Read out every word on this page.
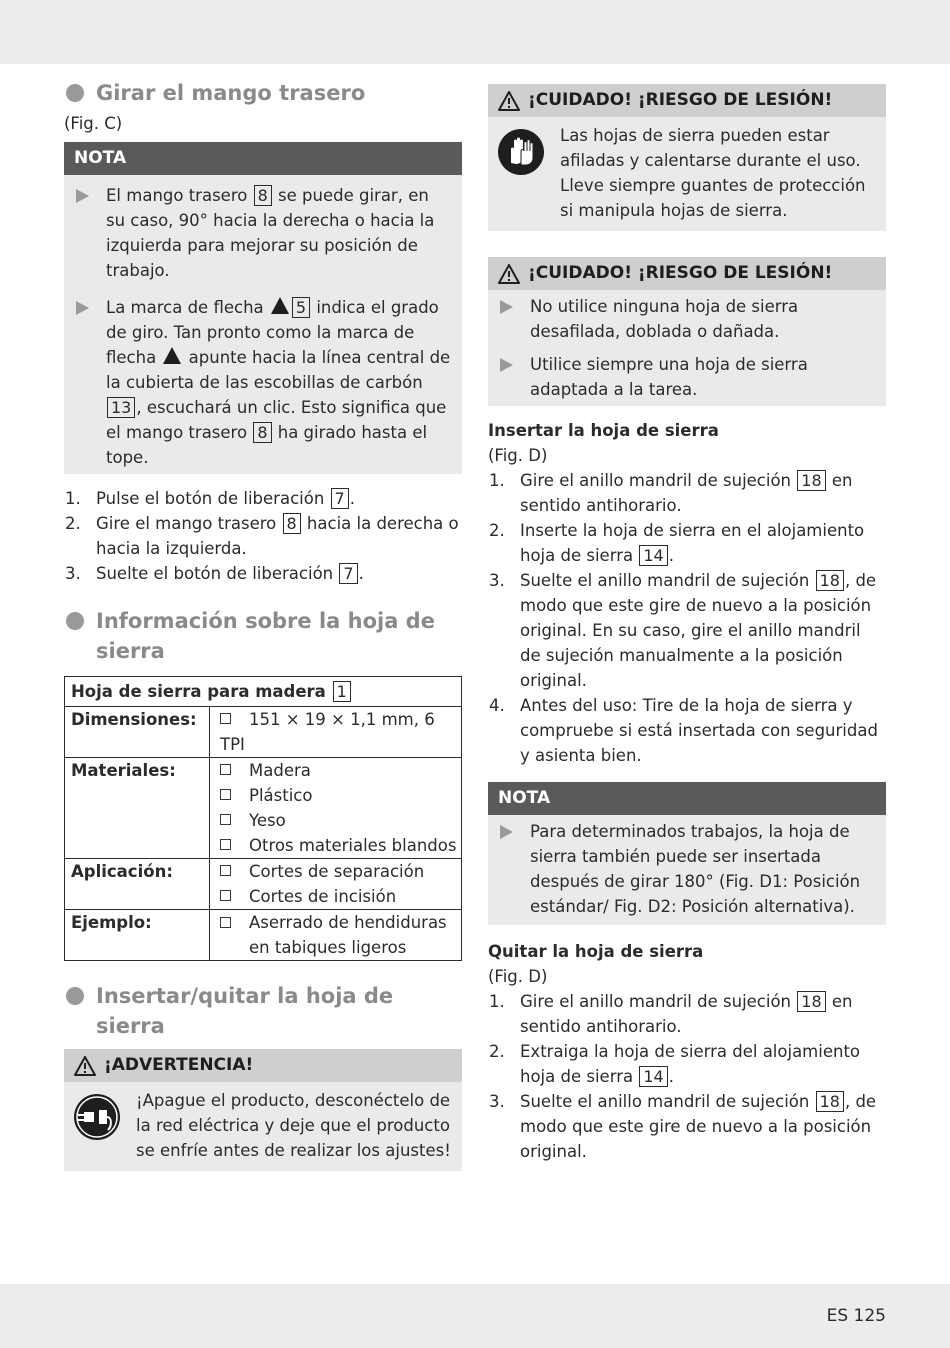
Girar el mango trasero
(Fig. C)
NOTA
El mango trasero 8 se puede girar, en su caso, 90° hacia la derecha o hacia la izquierda para mejorar su posición de trabajo.
La marca de flecha 5 indica el grado de giro. Tan pronto como la marca de flecha  apunte hacia la línea central de la cubierta de las escobillas de carbón 13 , escuchará un clic. Esto significa que el mango trasero 8 ha girado hasta el tope.
1. Pulse el botón de liberación 7 .
2. Gire el mango trasero 8 hacia la derecha o hacia la izquierda.
3. Suelte el botón de liberación 7 .
Información sobre la hoja de
sierra
Hoja de sierra para madera 1	
Dimensiones:	151 × 19 × 1,1 mm, 6 TPI
Materiales:	Madera
Plástico
Yeso
Otros materiales blandos

Aplicación:	Cortes de separación
Cortes de incisión

Ejemplo:	Aserrado de hendiduras en tabiques ligeros
Insertar/quitar la hoja de
sierra
¡ADVERTENCIA!
¡Apague el producto, desconéctelo de la red eléctrica y deje que el producto se enfríe antes de realizar los ajustes!
¡CUIDADO! ¡RIESGO DE LESIÓN!
Las hojas de sierra pueden estar afiladas y calentarse durante el uso. Lleve siempre guantes de protección si manipula hojas de sierra.
¡CUIDADO! ¡RIESGO DE LESIÓN!
No utilice ninguna hoja de sierra desafilada, doblada o dañada.
Utilice siempre una hoja de sierra adaptada a la tarea.
Insertar la hoja de sierra
(Fig. D)
1. Gire el anillo mandril de sujeción 18 en sentido antihorario.
2. Inserte la hoja de sierra en el alojamiento hoja de sierra 14 .
3. Suelte el anillo mandril de sujeción 18 , de modo que este gire de nuevo a la posición original. En su caso, gire el anillo mandril de sujeción manualmente a la posición original.
4. Antes del uso: Tire de la hoja de sierra y compruebe si está insertada con seguridad y asienta bien.
NOTA
Para determinados trabajos, la hoja de sierra también puede ser insertada después de girar 180° (Fig. D1: Posición estándar/ Fig. D2: Posición alternativa).
Quitar la hoja de sierra
(Fig. D)
1. Gire el anillo mandril de sujeción 18 en sentido antihorario.
2. Extraiga la hoja de sierra del alojamiento hoja de sierra 14 .
3. Suelte el anillo mandril de sujeción 18 , de modo que este gire de nuevo a la posición original.
ES 125
